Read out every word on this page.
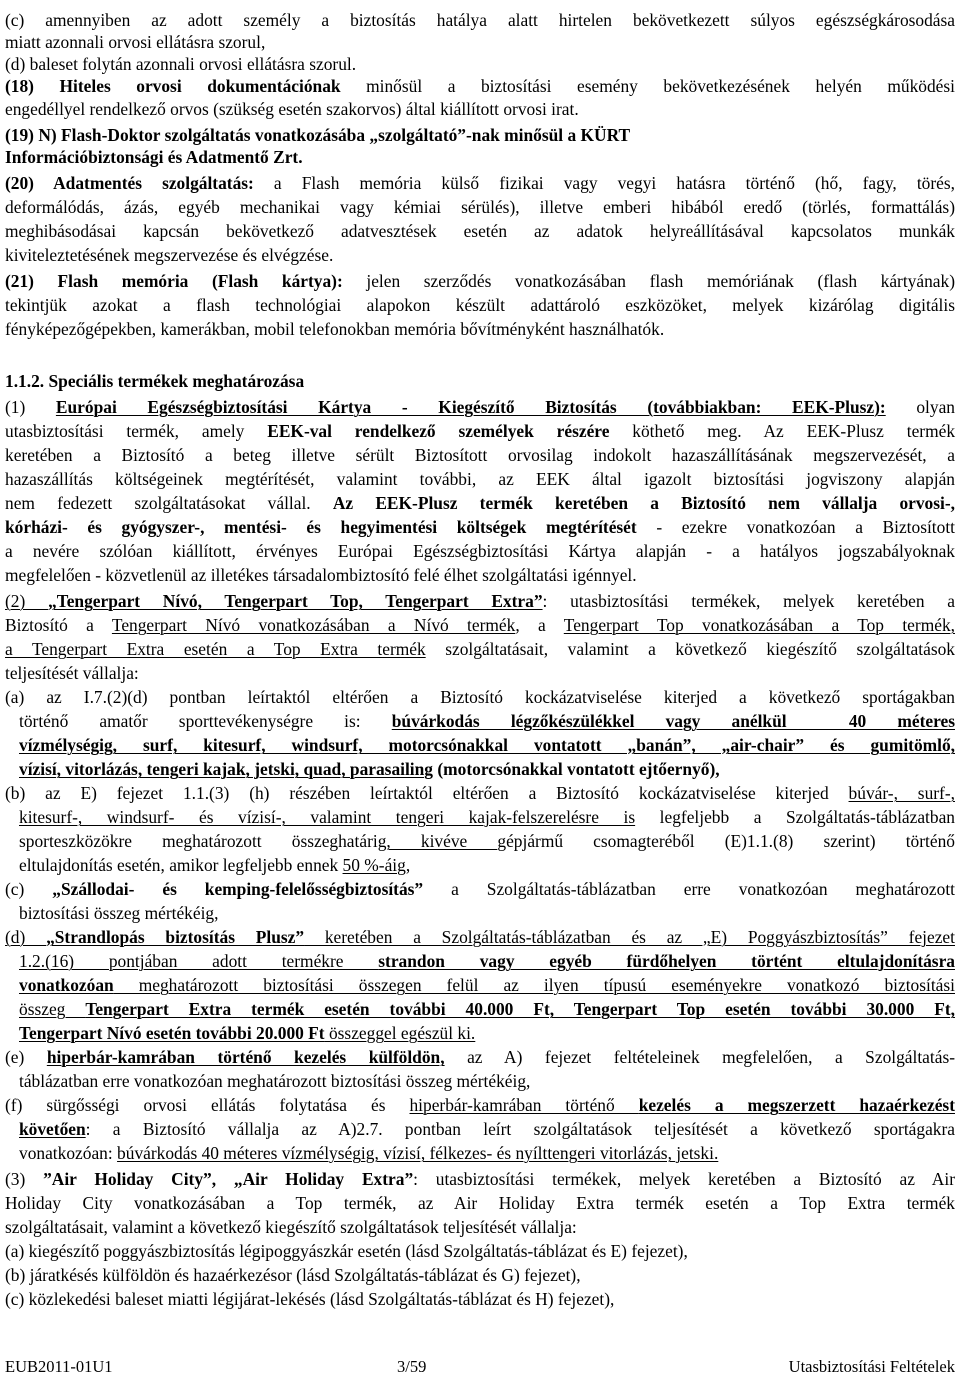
(c) amennyiben az adott személy a biztosítás hatálya alatt hirtelen bekövetkezett súlyos egészségkárosodása
miatt azonnali orvosi ellátásra szorul,
(d) baleset folytán azonnali orvosi ellátásra szorul.
(18) Hiteles orvosi dokumentációnak minősül a biztosítási esemény bekövetkezésének helyén működési
engedéllyel rendelkező orvos (szükség esetén szakorvos) által kiállított orvosi irat.
(19) N) Flash-Doktor szolgáltatás vonatkozásába „szolgáltató”-nak minősül a KÜRT
Információbiztonsági és Adatmentő Zrt.
(20) Adatmentés szolgáltatás: a Flash memória külső fizikai vagy vegyi hatásra történő (hő, fagy, törés,
deformálódás, ázás, egyéb mechanikai vagy kémiai sérülés), illetve emberi hibából eredő (törlés, formattálás)
meghibásodásai kapcsán bekövetkező adatvesztések esetén az adatok helyreállításával kapcsolatos munkák
kiviteleztetésének megszervezése és elvégzése.
(21) Flash memória (Flash kártya): jelen szerződés vonatkozásában flash memóriának (flash kártyának)
tekintjük azokat a flash technológiai alapokon készült adattároló eszközöket, melyek kizárólag digitális
fényképezőgépekben, kamerákban, mobil telefonokban memória bővítményként használhatók.
1.1.2. Speciális termékek meghatározása
(1) Európai Egészségbiztosítási Kártya - Kiegészítő Biztosítás (továbbiakban: EEK-Plusz): olyan
utasbiztosítási termék, amely EEK-val rendelkező személyek részére köthető meg. Az EEK-Plusz termék
keretében a Biztosító a beteg illetve sérült Biztosított orvosilag indokolt hazaszállításának megszervezését, a
hazaszállítás költségeinek megtérítését, valamint további, az EEK által igazolt biztosítási jogviszony alapján
nem fedezett szolgáltatásokat vállal. Az EEK-Plusz termék keretében a Biztosító nem vállalja orvosi-,
kórházi- és gyógyszer-, mentési- és hegyimentési költségek megtérítését - ezekre vonatkozóan a Biztosított
a nevére szólóan kiállított, érvényes Európai Egészségbiztosítási Kártya alapján - a hatályos jogszabályoknak
megfelelően - közvetlenül az illetékes társadalombiztosító felé élhet szolgáltatási igénnyel.
(2) „Tengerpart Nívó, Tengerpart Top, Tengerpart Extra”: utasbiztosítási termékek, melyek keretében a
Biztosító a Tengerpart Nívó vonatkozásában a Nívó termék, a Tengerpart Top vonatkozásában a Top termék,
a Tengerpart Extra esetén a Top Extra termék szolgáltatásait, valamint a következő kiegészítő szolgáltatások
teljesítését vállalja:
(a) az I.7.(2)(d) pontban leírtaktól eltérően a Biztosító kockázatviselése kiterjed a következő sportágakban
történő amatőr sporttevékenységre is: búvárkodás légzőkészülékkel vagy anélkül  40 méteres
vízmélységig, surf, kitesurf, windsurf, motorcsónakkal vontatott „banán”, „air-chair” és gumitömlő,
vízisí, vitorlázás, tengeri kajak, jetski, quad, parasailing (motorcsónakkal vontatott ejtőernyő),
(b) az E) fejezet 1.1.(3) (h) részében leírtaktól eltérően a Biztosító kockázatviselése kiterjed búvár-, surf-,
kitesurf-, windsurf- és vízisí-, valamint tengeri kajak-felszerelésre is legfeljebb a Szolgáltatás-táblázatban
sporteszközökre meghatározott összeghatárig, kivéve gépjármű csomagteréből (E)1.1.(8) szerint) történő
eltulajdonítás esetén, amikor legfeljebb ennek 50 %-áig,
(c) „Szállodai- és kemping-felelősségbiztosítás” a Szolgáltatás-táblázatban erre vonatkozóan meghatározott
biztosítási összeg mértékéig,
(d) „Strandlopás biztosítás Plusz” keretében a Szolgáltatás-táblázatban és az „E) Poggyászbiztosítás” fejezet
1.2.(16) pontjában adott termékre strandon vagy egyéb fürdőhelyen történt eltulajdonításra
vonatkozóan meghatározott biztosítási összegen felül az ilyen típusú eseményekre vonatkozó biztosítási
összeg Tengerpart Extra termék esetén további 40.000 Ft, Tengerpart Top esetén további 30.000 Ft,
Tengerpart Nívó esetén további 20.000 Ft összeggel egészül ki.
(e) hiperbár-kamrában történő kezelés külföldön, az A) fejezet feltételeinek megfelelően, a Szolgáltatás-
táblázatban erre vonatkozóan meghatározott biztosítási összeg mértékéig,
(f) sürgősségi orvosi ellátás folytatása és hiperbár-kamrában történő kezelés a megszerzett hazaérkezést
követően: a Biztosító vállalja az A)2.7. pontban leírt szolgáltatások teljesítését a következő sportágakra
vonatkozóan: búvárkodás 40 méteres vízmélységig, vízisí, félkezes- és nyílttengeri vitorlázás, jetski.
(3) ”Air Holiday City”, „Air Holiday Extra”: utasbiztosítási termékek, melyek keretében a Biztosító az Air
Holiday City vonatkozásában a Top termék, az Air Holiday Extra termék esetén a Top Extra termék
szolgáltatásait, valamint a következő kiegészítő szolgáltatások teljesítését vállalja:
(a) kiegészítő poggyászbiztosítás légipoggyászkár esetén (lásd Szolgáltatás-táblázat és E) fejezet),
(b) járatkésés külföldön és hazaérkezésor (lásd Szolgáltatás-táblázat és G) fejezet),
(c) közlekedési baleset miatti légijárat-lekésés (lásd Szolgáltatás-táblázat és H) fejezet),
EUB2011-01U1	3/59	Utasbiztosítási Feltételek
